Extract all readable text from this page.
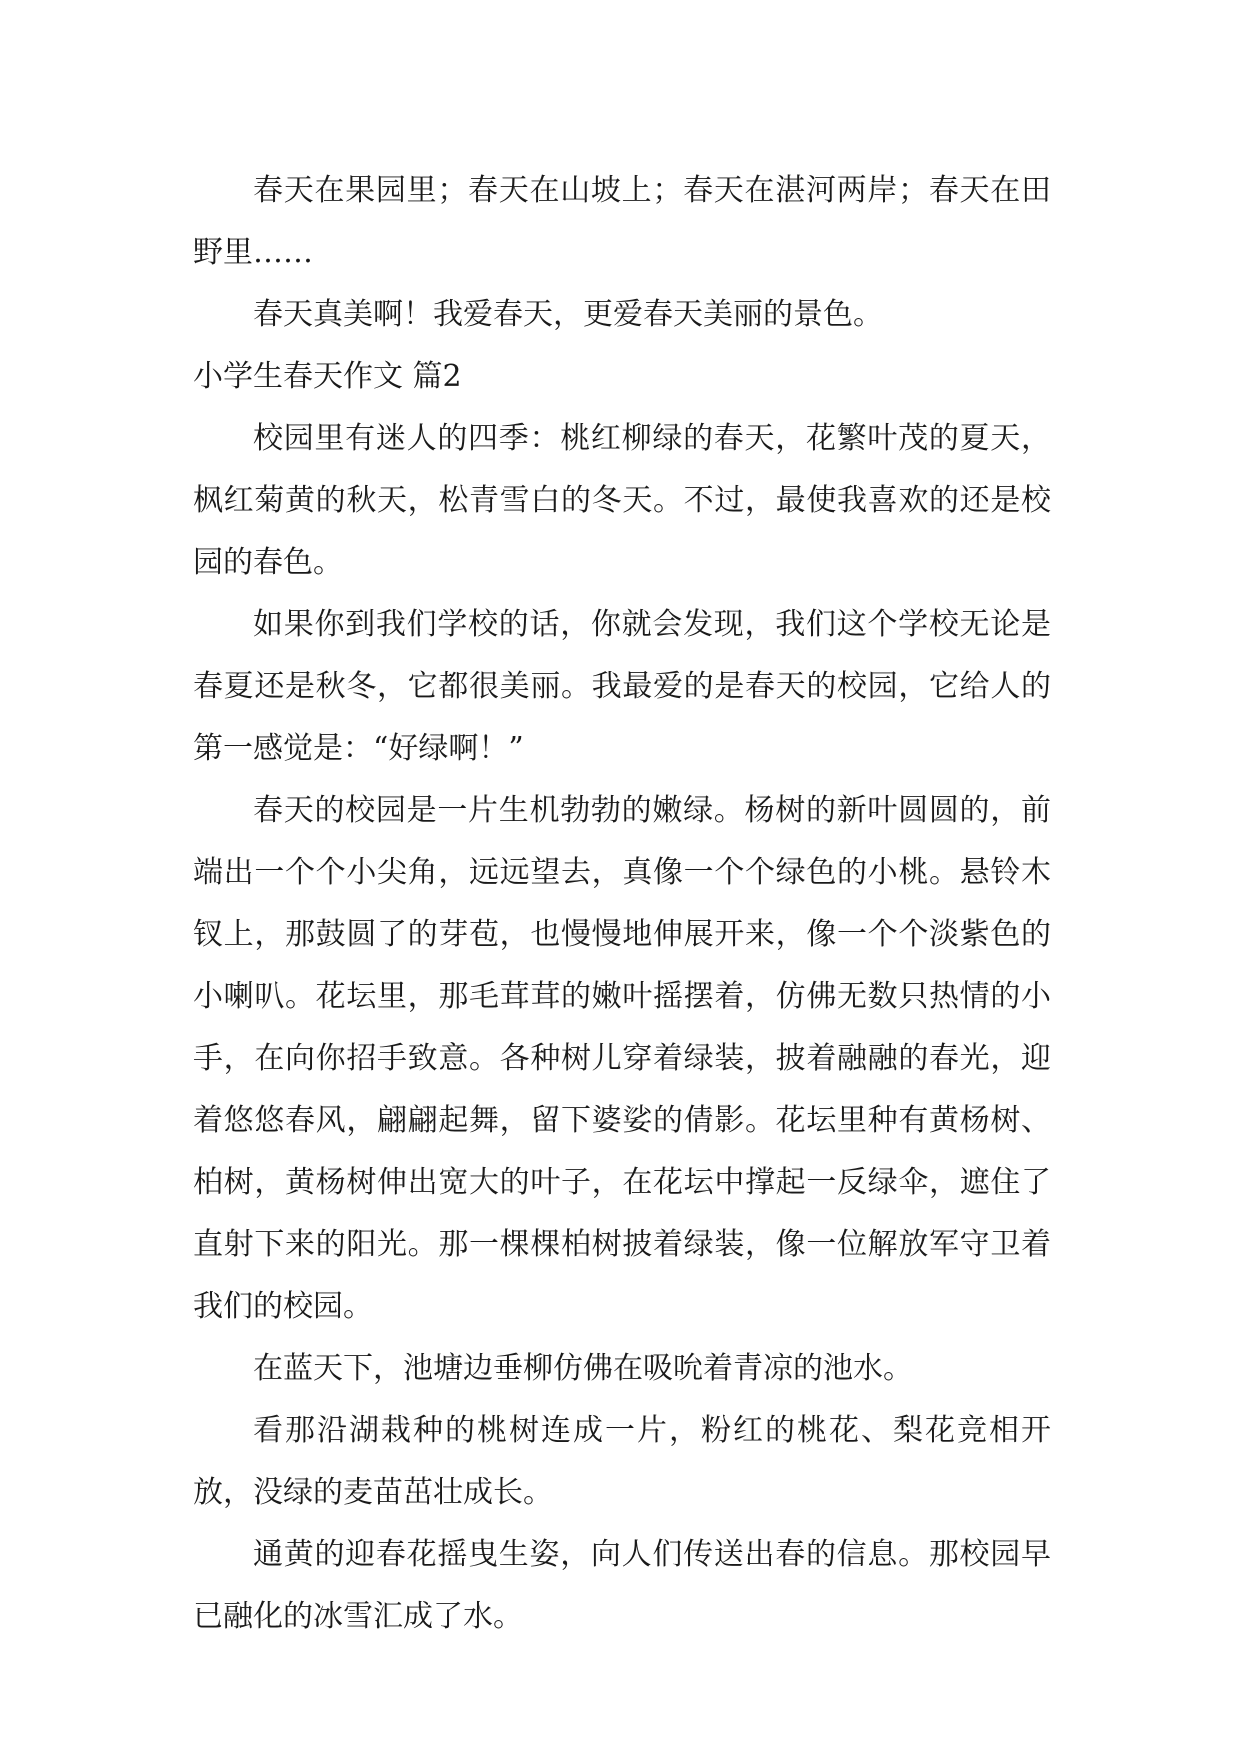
春天在果园里；春天在山坡上；春天在湛河两岸；春天在田野里……

春天真美啊！我爱春天，更爱春天美丽的景色。

小学生春天作文 篇2

校园里有迷人的四季：桃红柳绿的春天，花繁叶茂的夏天，枫红菊黄的秋天，松青雪白的冬天。不过，最使我喜欢的还是校园的春色。

如果你到我们学校的话，你就会发现，我们这个学校无论是春夏还是秋冬，它都很美丽。我最爱的是春天的校园，它给人的第一感觉是：“好绿啊！”

春天的校园是一片生机勃勃的嫩绿。杨树的新叶圆圆的，前端出一个个小尖角，远远望去，真像一个个绿色的小桃。悬铃木钗上，那鼓圆了的芽苞，也慢慢地伸展开来，像一个个淡紫色的小喇叭。花坛里，那毛茸茸的嫩叶摇摆着，仿佛无数只热情的小手，在向你招手致意。各种树儿穿着绿装，披着融融的春光，迎着悠悠春风，翩翩起舞，留下婆娑的倩影。花坛里种有黄杨树、柏树，黄杨树伸出宽大的叶子，在花坛中撑起一反绿伞，遮住了直射下来的阳光。那一棵棵柏树披着绿装，像一位解放军守卫着我们的校园。

在蓝天下，池塘边垂柳仿佛在吸吮着青凉的池水。

看那沿湖栽种的桃树连成一片，粉红的桃花、梨花竞相开放，没绿的麦苗茁壮成长。

通黄的迎春花摇曳生姿，向人们传送出春的信息。那校园早已融化的冰雪汇成了水。
